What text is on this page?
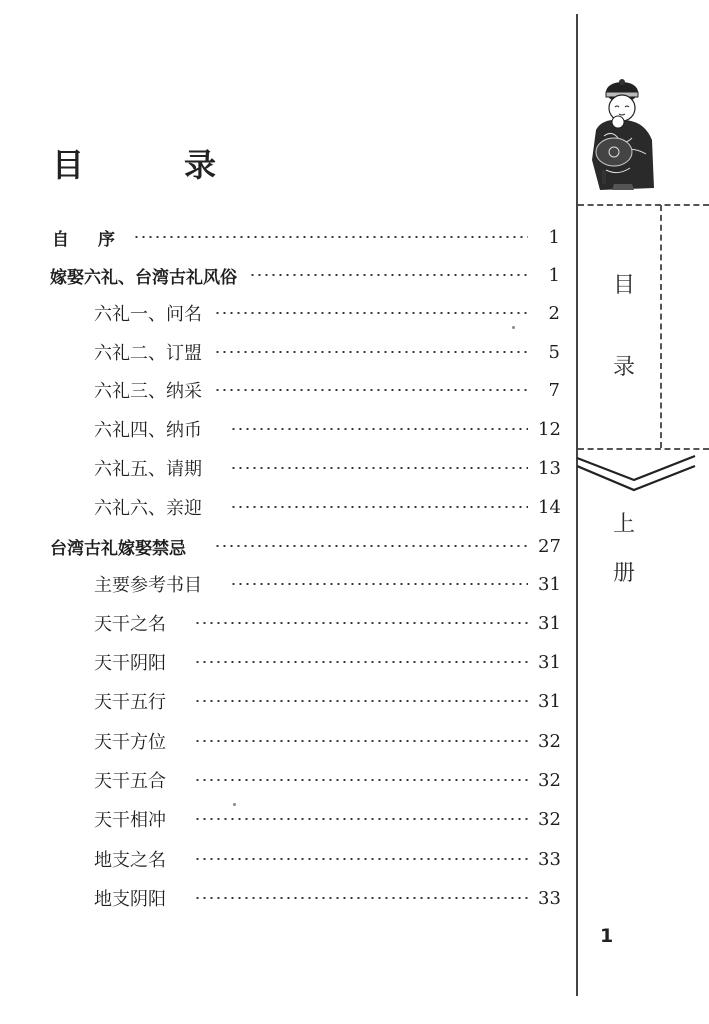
目　录
自　序	1
嫁娶六礼、台湾古礼风俗	1
六礼一、问名	2
六礼二、订盟	5
六礼三、纳采	7
六礼四、纳币	12
六礼五、请期	13
六礼六、亲迎	14
台湾古礼嫁娶禁忌	27
主要参考书目	31
天干之名	31
天干阴阳	31
天干五行	31
天干方位	32
天干五合	32
天干相冲	32
地支之名	33
地支阴阳	33
目
录
上
册
1
